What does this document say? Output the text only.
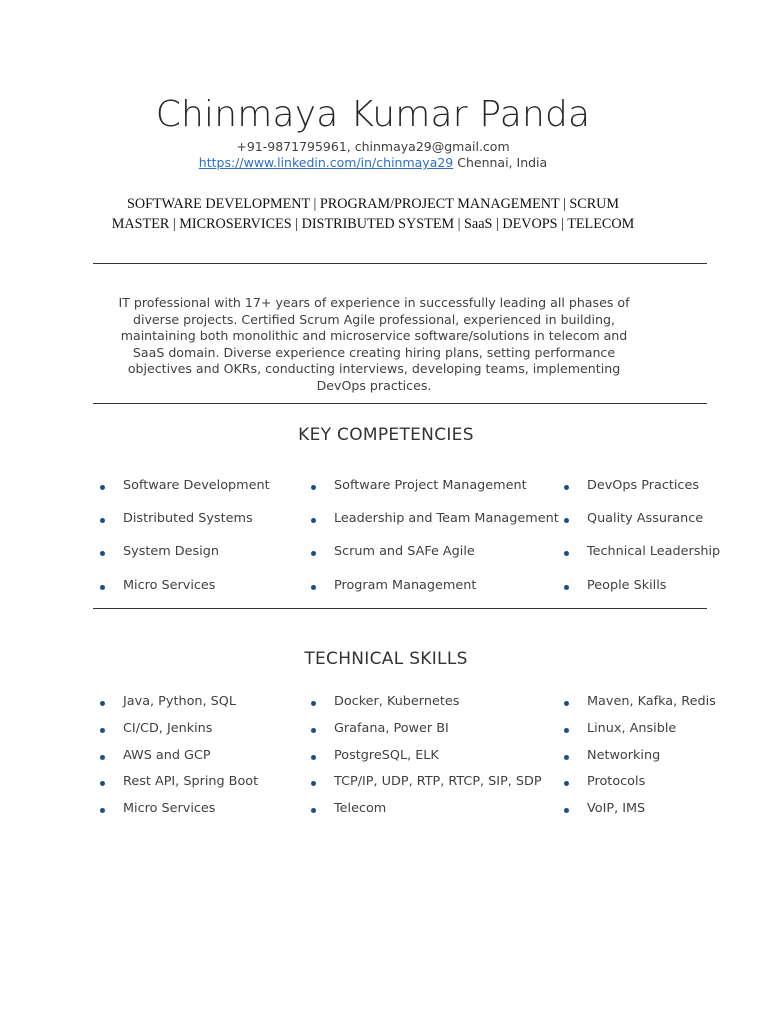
Chinmaya Kumar Panda
+91-9871795961, chinmaya29@gmail.com
https://www.linkedin.com/in/chinmaya29 Chennai, India
SOFTWARE DEVELOPMENT | PROGRAM/PROJECT MANAGEMENT | SCRUM MASTER | MICROSERVICES | DISTRIBUTED SYSTEM | SaaS | DEVOPS | TELECOM
IT professional with 17+ years of experience in successfully leading all phases of diverse projects. Certified Scrum Agile professional, experienced in building, maintaining both monolithic and microservice software/solutions in telecom and SaaS domain. Diverse experience creating hiring plans, setting performance objectives and OKRs, conducting interviews, developing teams, implementing DevOps practices.
KEY COMPETENCIES
Software Development
Distributed Systems
System Design
Micro Services
Software Project Management
Leadership and Team Management
Scrum and SAFe Agile
Program Management
DevOps Practices
Quality Assurance
Technical Leadership
People Skills
TECHNICAL SKILLS
Java, Python, SQL
CI/CD, Jenkins
AWS and GCP
Rest API, Spring Boot
Micro Services
Docker, Kubernetes
Grafana, Power BI
PostgreSQL, ELK
TCP/IP, UDP, RTP, RTCP, SIP, SDP
Telecom
Maven, Kafka, Redis
Linux, Ansible
Networking
Protocols
VoIP, IMS
